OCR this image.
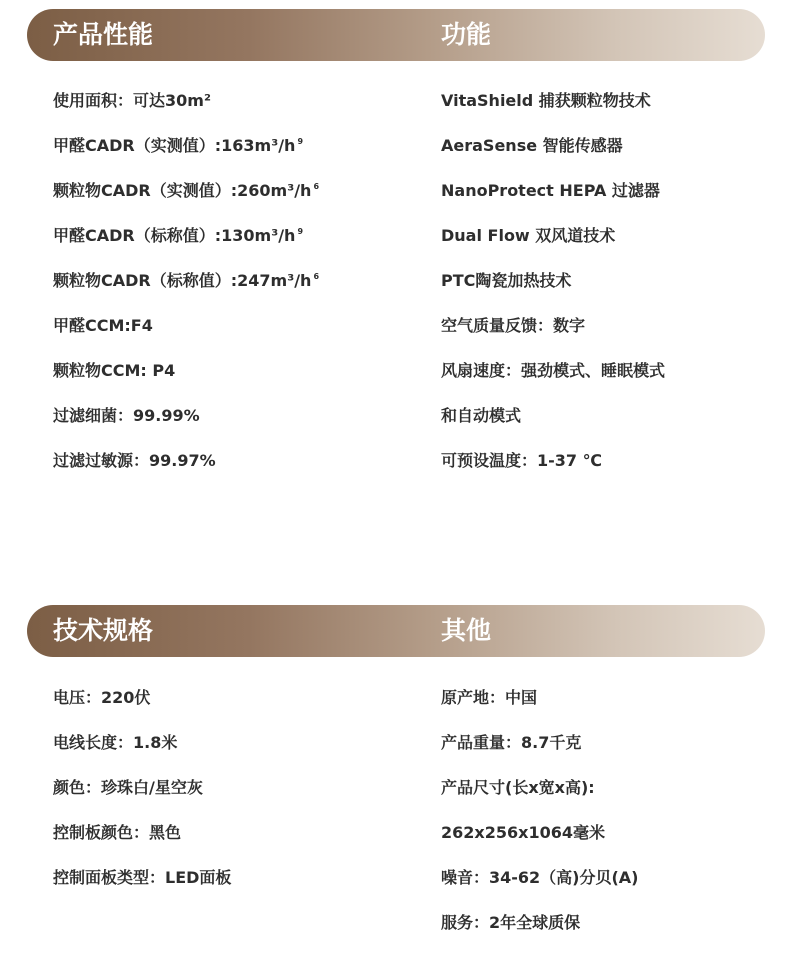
产品性能	功能
使用面积：可达30m²
甲醛CADR（实测值）:163m³/h $^9$
颗粒物CADR（实测值）:260m³/h $^6$
甲醛CADR（标称值）:130m³/h $^9$
颗粒物CADR（标称值）:247m³/h $^6$
甲醛CCM:F4
颗粒物CCM: P4
过滤细菌：99.99%
过滤过敏源：99.97%
VitaShield 捕获颗粒物技术
AeraSense 智能传感器
NanoProtect HEPA 过滤器
Dual Flow 双风道技术
PTC陶瓷加热技术
空气质量反馈：数字
风扇速度：强劲模式、睡眠模式
和自动模式
可预设温度：1-37 ℃
技术规格	其他
电压：220伏
电线长度：1.8米
颜色：珍珠白/星空灰
控制板颜色：黑色
控制面板类型：LED面板
原产地：中国
产品重量：8.7千克
产品尺寸(长x宽x高):
262x256x1064毫米
噪音：34-62（高)分贝(A)
服务：2年全球质保
